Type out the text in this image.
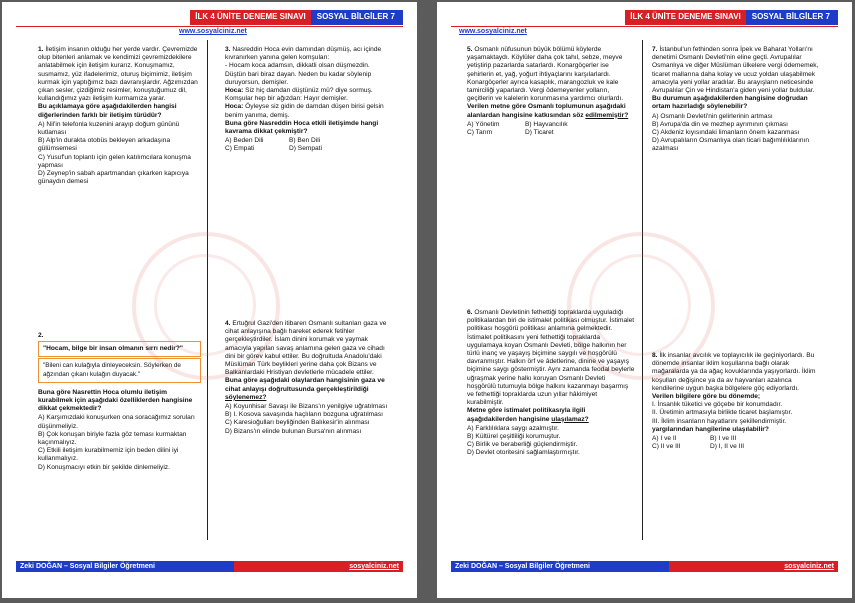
İLK 4 ÜNİTE DENEME SINAVI	SOSYAL BİLGİLER 7
www.sosyalciniz.net

1. İletişim insanın olduğu her yerde vardır. Çevremizde olup bitenleri anlamak ve kendimizi çevremizdekilere anlatabilmek için iletişim kurarız. Konuşmamız, susmamız, yüz ifadelerimiz, oturuş biçimimiz, iletişim kurmak için yaptığımız bazı davranışlardır. Ağzımızdan çıkan sesler, çizdiğimiz resimler, konuştuğumuz dil, kullandığımız yazı iletişim kurmamıza yarar.

Bu açıklamaya göre aşağıdakilerden hangisi diğerlerinden farklı bir iletişim türüdür?

A) Nil'in telefonla kuzenini arayıp doğum gününü kutlaması

B) Alp'in durakta otobüs bekleyen arkadaşına gülümsemesi

C) Yusuf'un toplantı için gelen katılımcılara konuşma yapması

D) Zeynep'in sabah apartmandan çıkarken kapıcıya günaydın demesi

2.

"Hocam, bilge bir insan olmanın sırrı nedir?"
"Bileni can kulağıyla dinleyeceksin. Söylerken de ağzından çıkanı kulağın duyacak."

Buna göre Nasrettin Hoca olumlu iletişim kurabilmek için aşağıdaki özelliklerden hangisine dikkat çekmektedir?

A) Karşımızdaki konuşurken ona soracağımız soruları düşünmeliyiz.

B) Çok konuşan biriyle fazla göz teması kurmaktan kaçınmalıyız.

C) Etkili iletişim kurabilmemiz için beden dilini iyi kullanmalıyız.

D) Konuşmacıyı etkin bir şekilde dinlemeliyiz.

3. Nasreddin Hoca evin damından düşmüş, acı içinde kıvranırken yanına gelen komşuları:

- Hocam koca adamsın, dikkatli olsan düşmezdin. Düştün bari biraz dayan. Neden bu kadar söylenip duruyorsun, demişler.

Hoca: Siz hiç damdan düştünüz mü? diye sormuş.

Komşular hep bir ağızdan: Hayır demişler.

Hoca: Öyleyse siz gidin de damdan düşen birisi gelsin benim yanıma, demiş.

Buna göre Nasreddin Hoca etkili iletişimde hangi kavrama dikkat çekmiştir?

A) Beden Dili	B) Ben Dili
C) Empati	D) Sempati

4. Ertuğrul Gazi'den itibaren Osmanlı sultanları gaza ve cihat anlayışına bağlı hareket ederek fetihler gerçekleştirdiler. İslam dinini korumak ve yaymak amacıyla yapılan savaş anlamına gelen gaza ve cihadı dini bir görev kabul ettiler. Bu doğrultuda Anadolu'daki Müslüman Türk beylikleri yerine daha çok Bizans ve Balkanlardaki Hristiyan devletlerle mücadele ettiler.

Buna göre aşağıdaki olaylardan hangisinin gaza ve cihat anlayışı doğrultusunda gerçekleştirildiği söylenemez?

A) Koyunhisar Savaşı ile Bizans'ın yenilgiye uğratılması

B) I. Kosova savaşında haçlıların bozguna uğratılması

C) Karesioğulları beyliğinden Balıkesir'in alınması

D) Bizans'ın elinde bulunan Bursa'nın alınması

Zeki DOĞAN – Sosyal Bilgiler Öğretmeni	sosyalciniz.net
İLK 4 ÜNİTE DENEME SINAVI	SOSYAL BİLGİLER 7
www.sosyalciniz.net

5. Osmanlı nüfusunun büyük bölümü köylerde yaşamaktaydı. Köylüler daha çok tahıl, sebze, meyve yetiştirip pazarlarda satarlardı. Konargöçerler ise şehirlerin et, yağ, yoğurt ihtiyaçlarını karşılarlardı. Konargöçerler ayrıca kasaplık, marangozluk ve kale tamirciliği yaparlardı. Vergi ödemeyenler yolların, geçitlerin ve kalelerin korunmasına yardımcı olurlardı.

Verilen metne göre Osmanlı toplumunun aşağıdaki alanlardan hangisine katkısından söz edilmemiştir?

A) Yönetim	B) Hayvancılık
C) Tarım	D) Ticaret

6. Osmanlı Devletinin fethettiği topraklarda uyguladığı politikalardan biri de istimalet politikası olmuştur. İstimalet politikası hoşgörü politikası anlamına gelmektedir. İstimalet politikasını yeni fethettiği topraklarda uygulamaya koyan Osmanlı Devleti, bölge halkının her türlü inanç ve yaşayış biçimine saygılı ve hoşgörülü davranmıştır. Halkın örf ve âdetlerine, dinine ve yaşayış biçimine saygı göstermiştir. Aynı zamanda feodal beylerle uğraşmak yerine halkı koruyan Osmanlı Devleti hoşgörülü tutumuyla bölge halkını kazanmayı başarmış ve fethettiği topraklarda uzun yıllar hâkimiyet kurabilmiştir.

Metne göre istimalet politikasıyla ilgili aşağıdakilerden hangisine ulaşılamaz?

A) Farklılıklara saygı azalmıştır.

B) Kültürel çeşitliliği korumuştur.

C) Birlik ve beraberliği güçlendirmiştir.

D) Devlet otoritesini sağlamlaştırmıştır.

7. İstanbul'un fethinden sonra İpek ve Baharat Yolları'nı denetimi Osmanlı Devleti'nin eline geçti. Avrupalılar Osmanlıya ve diğer Müslüman ülkelere vergi ödememek, ticaret mallarına daha kolay ve ucuz yoldan ulaşabilmek amacıyla yeni yollar aradılar. Bu arayışların neticesinde Avrupalılar Çin ve Hindistan'a giden yeni yollar buldular.

Bu durumun aşağıdakilerden hangisine doğrudan ortam hazırladığı söylenebilir?

A) Osmanlı Devleti'nin gelirlerinin artması

B) Avrupa'da din ve mezhep ayrımının çıkması

C) Akdeniz kıyısındaki limanların önem kazanması

D) Avrupalıların Osmanlıya olan ticari bağımlılıklarının azalması

8. İlk insanlar avcılık ve toplayıcılık ile geçiniyorlardı. Bu dönemde insanlar iklim koşullarına bağlı olarak mağaralarda ya da ağaç kovuklarında yaşıyorlardı. İklim koşulları değişince ya da av hayvanları azalınca kendilerine uygun başka bölgelere göç ediyorlardı.

Verilen bilgilere göre bu dönemde;

I. İnsanlık tüketici ve göçebe bir konumdadır.

II. Üretimin artmasıyla birlikte ticaret başlamıştır.

III. İklim insanların hayatlarını şekillendirmiştir.

yargılarından hangilerine ulaşılabilir?

A) I ve II	B) I ve III
C) II ve III	D) I, II ve III
Zeki DOĞAN – Sosyal Bilgiler Öğretmeni	sosyalciniz.net
